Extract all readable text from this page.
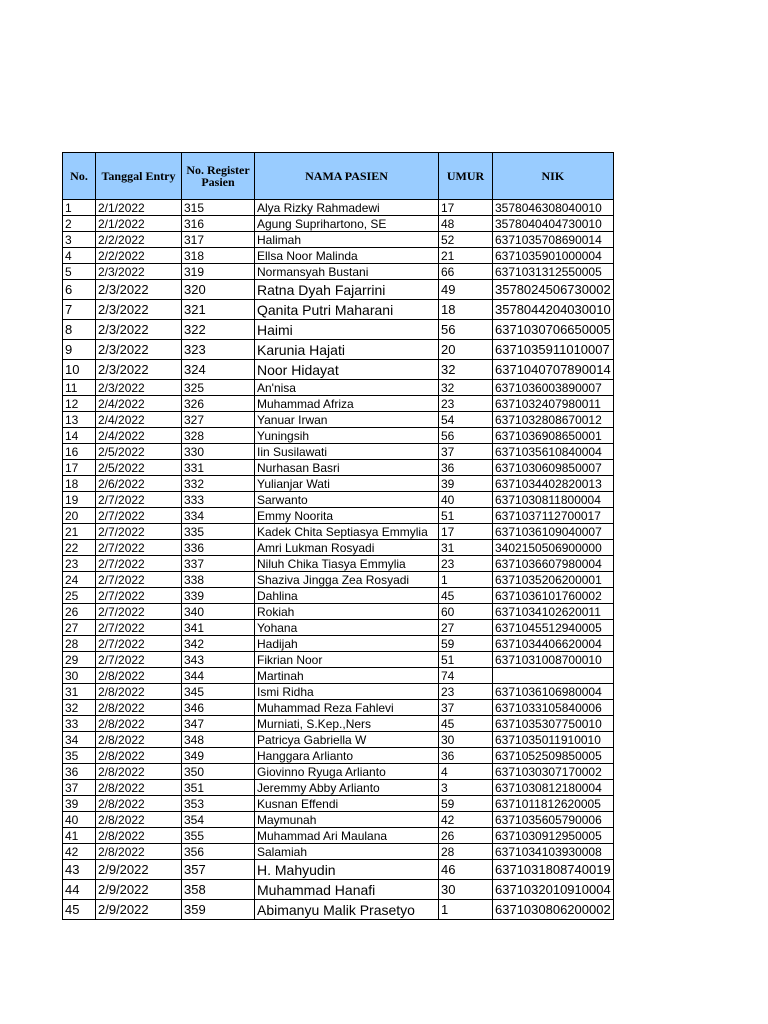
No.	Tanggal Entry	No. Register Pasien	NAMA PASIEN	UMUR	NIK
1	2/1/2022	315	Alya Rizky Rahmadewi	17	3578046308040010
2	2/1/2022	316	Agung Suprihartono, SE	48	3578040404730010
3	2/2/2022	317	Halimah	52	6371035708690014
4	2/2/2022	318	Ellsa Noor Malinda	21	6371035901000004
5	2/3/2022	319	Normansyah Bustani	66	6371031312550005
6	2/3/2022	320	Ratna Dyah Fajarrini	49	3578024506730002
7	2/3/2022	321	Qanita Putri Maharani	18	3578044204030010
8	2/3/2022	322	Haimi	56	6371030706650005
9	2/3/2022	323	Karunia Hajati	20	6371035911010007
10	2/3/2022	324	Noor Hidayat	32	6371040707890014
11	2/3/2022	325	An'nisa	32	6371036003890007
12	2/4/2022	326	Muhammad Afriza	23	6371032407980011
13	2/4/2022	327	Yanuar Irwan	54	6371032808670012
14	2/4/2022	328	Yuningsih	56	6371036908650001
16	2/5/2022	330	Iin Susilawati	37	6371035610840004
17	2/5/2022	331	Nurhasan Basri	36	6371030609850007
18	2/6/2022	332	Yulianjar Wati	39	6371034402820013
19	2/7/2022	333	Sarwanto	40	6371030811800004
20	2/7/2022	334	Emmy Noorita	51	6371037112700017
21	2/7/2022	335	Kadek Chita Septiasya Emmylia	17	6371036109040007
22	2/7/2022	336	Amri Lukman Rosyadi	31	3402150506900000
23	2/7/2022	337	Niluh Chika Tiasya Emmylia	23	6371036607980004
24	2/7/2022	338	Shaziva Jingga Zea Rosyadi	1	6371035206200001
25	2/7/2022	339	Dahlina	45	6371036101760002
26	2/7/2022	340	Rokiah	60	6371034102620011
27	2/7/2022	341	Yohana	27	6371045512940005
28	2/7/2022	342	Hadijah	59	6371034406620004
29	2/7/2022	343	Fikrian Noor	51	6371031008700010
30	2/8/2022	344	Martinah	74	
31	2/8/2022	345	Ismi Ridha	23	6371036106980004
32	2/8/2022	346	Muhammad Reza Fahlevi	37	6371033105840006
33	2/8/2022	347	Murniati, S.Kep.,Ners	45	6371035307750010
34	2/8/2022	348	Patricya Gabriella W	30	6371035011910010
35	2/8/2022	349	Hanggara Arlianto	36	6371052509850005
36	2/8/2022	350	Giovinno Ryuga Arlianto	4	6371030307170002
37	2/8/2022	351	Jeremmy Abby Arlianto	3	6371030812180004
39	2/8/2022	353	Kusnan Effendi	59	6371011812620005
40	2/8/2022	354	Maymunah	42	6371035605790006
41	2/8/2022	355	Muhammad Ari Maulana	26	6371030912950005
42	2/8/2022	356	Salamiah	28	6371034103930008
43	2/9/2022	357	H. Mahyudin	46	6371031808740019
44	2/9/2022	358	Muhammad Hanafi	30	6371032010910004
45	2/9/2022	359	Abimanyu Malik Prasetyo	1	6371030806200002
